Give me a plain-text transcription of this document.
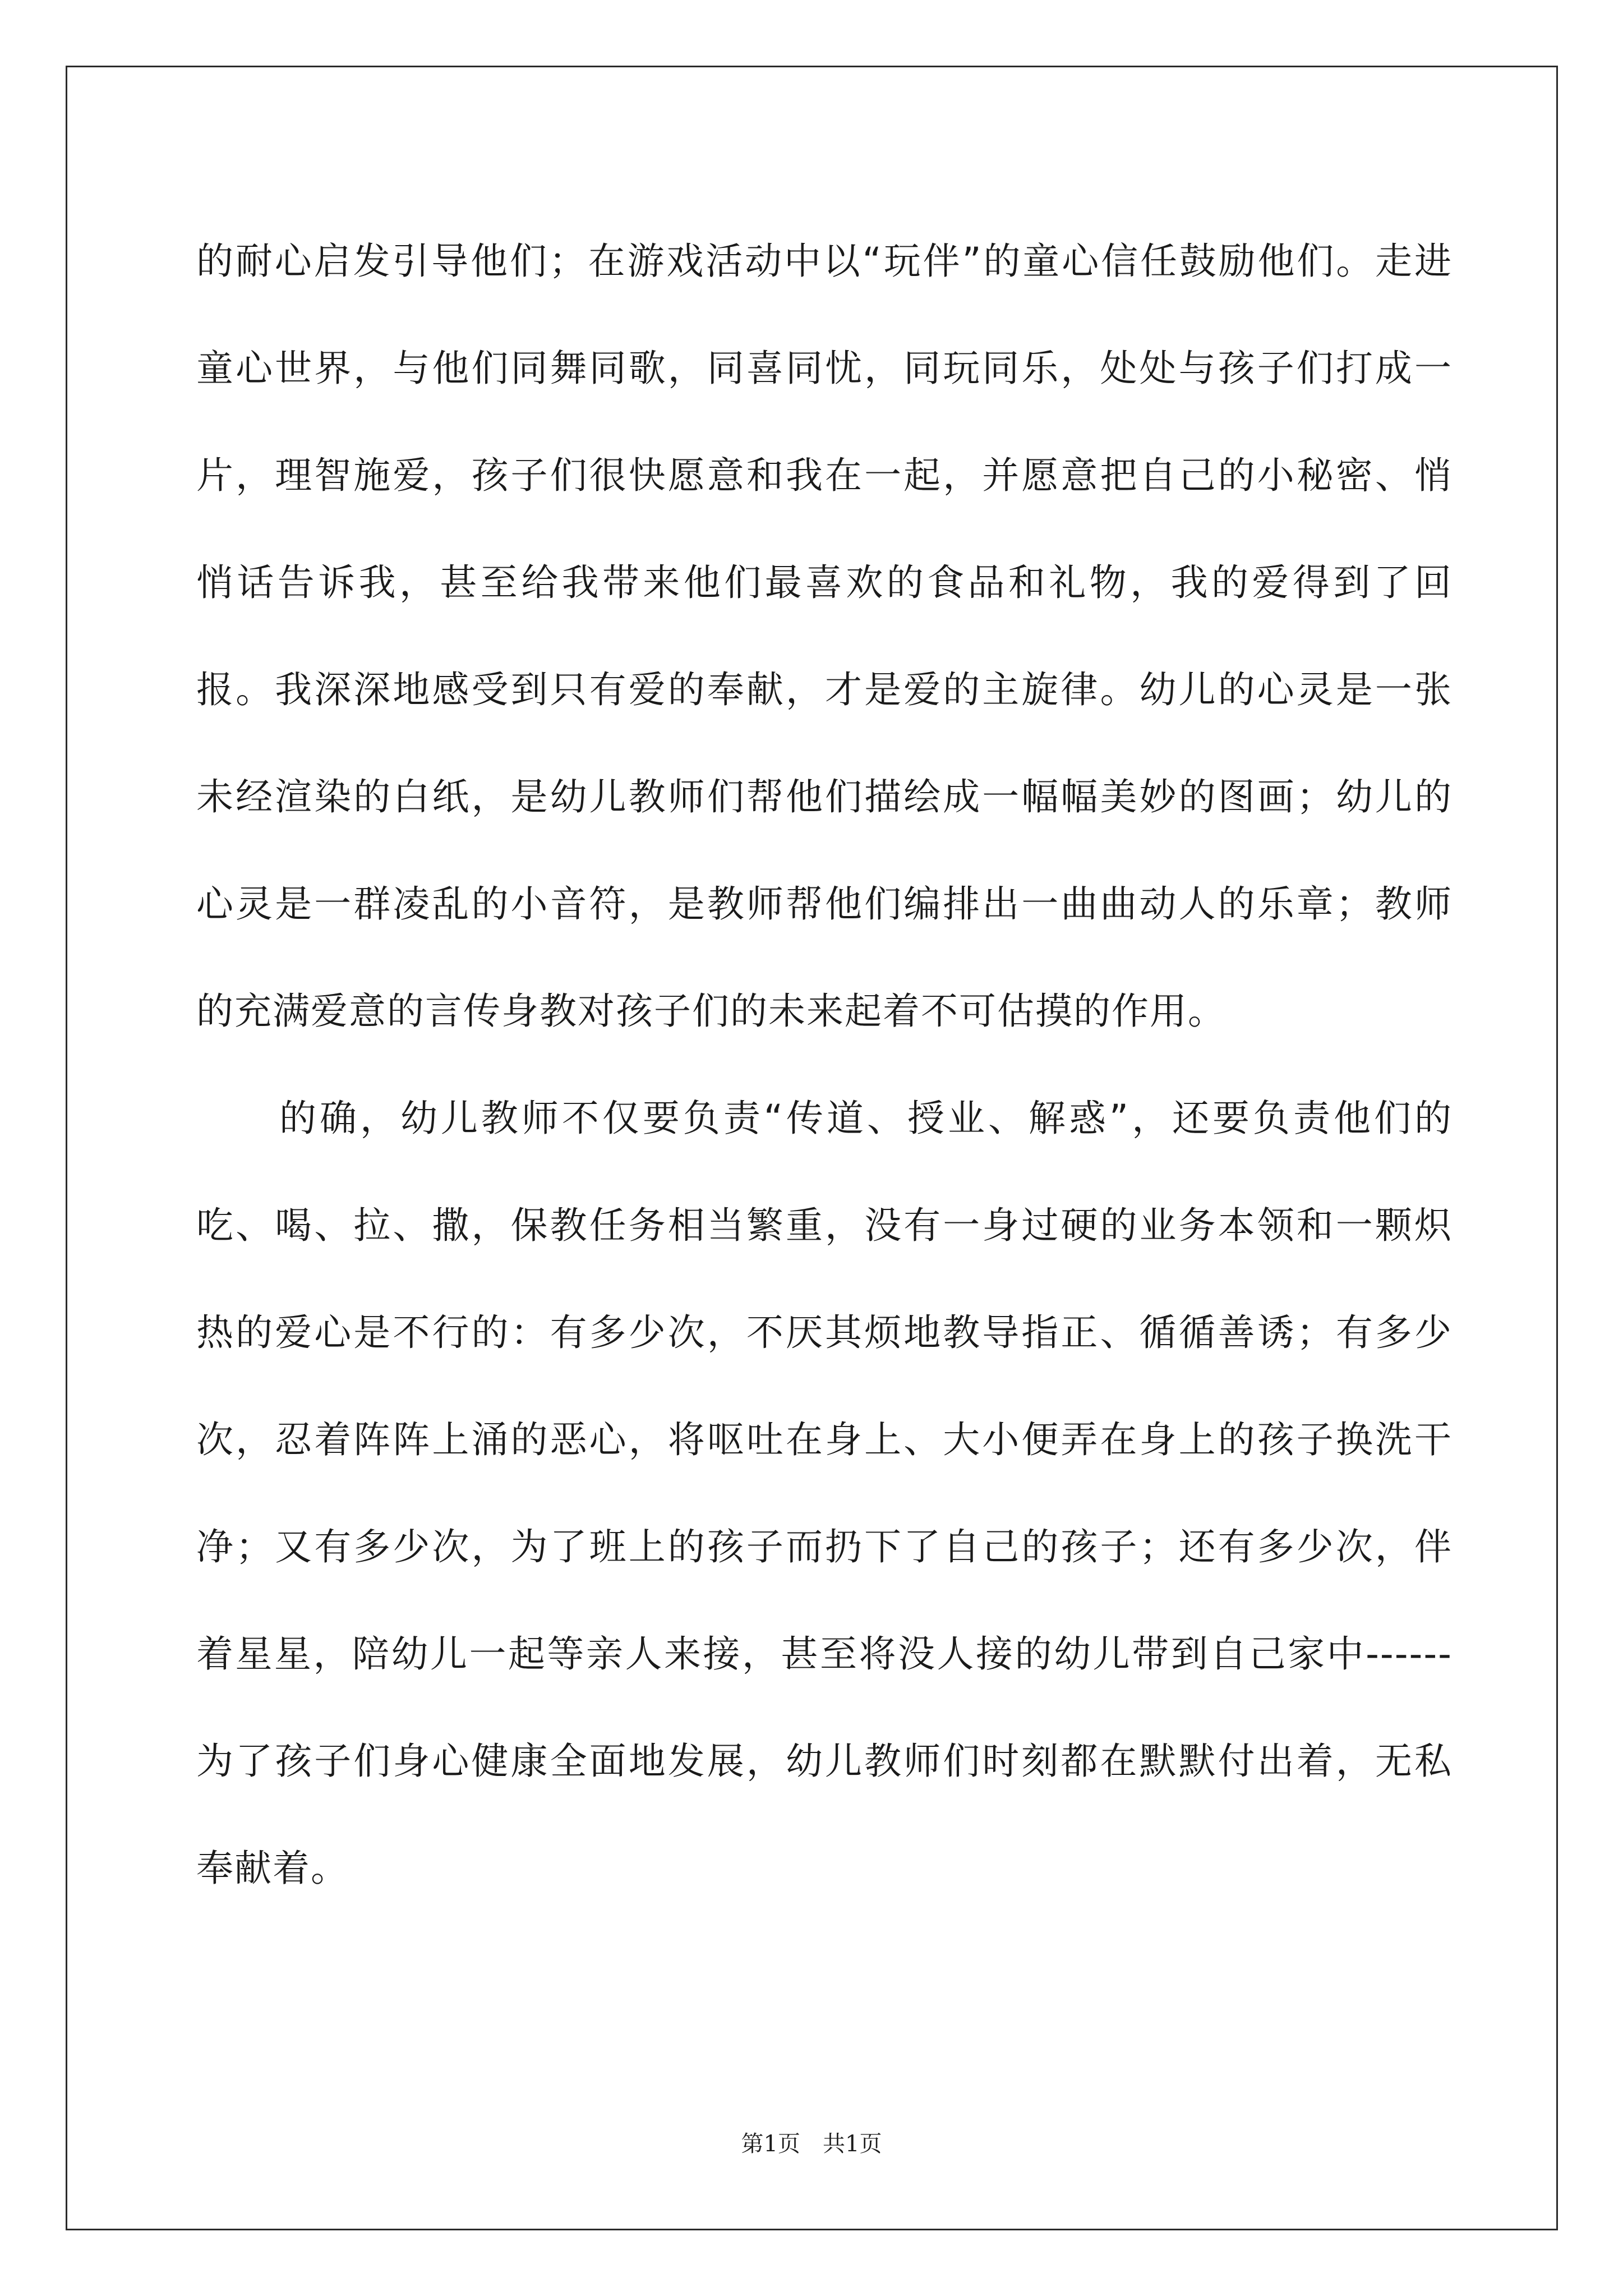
的耐心启发引导他们；在游戏活动中以“玩伴”的童心信任鼓励他们。走进童心世界，与他们同舞同歌，同喜同忧，同玩同乐，处处与孩子们打成一片，理智施爱，孩子们很快愿意和我在一起，并愿意把自己的小秘密、悄悄话告诉我，甚至给我带来他们最喜欢的食品和礼物，我的爱得到了回报。我深深地感受到只有爱的奉献，才是爱的主旋律。幼儿的心灵是一张未经渲染的白纸，是幼儿教师们帮他们描绘成一幅幅美妙的图画；幼儿的心灵是一群凌乱的小音符，是教师帮他们编排出一曲曲动人的乐章；教师的充满爱意的言传身教对孩子们的未来起着不可估摸的作用。

的确，幼儿教师不仅要负责“传道、授业、解惑”，还要负责他们的吃、喝、拉、撒，保教任务相当繁重，没有一身过硬的业务本领和一颗炽热的爱心是不行的：有多少次，不厌其烦地教导指正、循循善诱；有多少次，忍着阵阵上涌的恶心，将呕吐在身上、大小便弄在身上的孩子换洗干净；又有多少次，为了班上的孩子而扔下了自己的孩子；还有多少次，伴着星星，陪幼儿一起等亲人来接，甚至将没人接的幼儿带到自己家中------为了孩子们身心健康全面地发展，幼儿教师们时刻都在默默付出着，无私奉献着。

第1页　共1页
